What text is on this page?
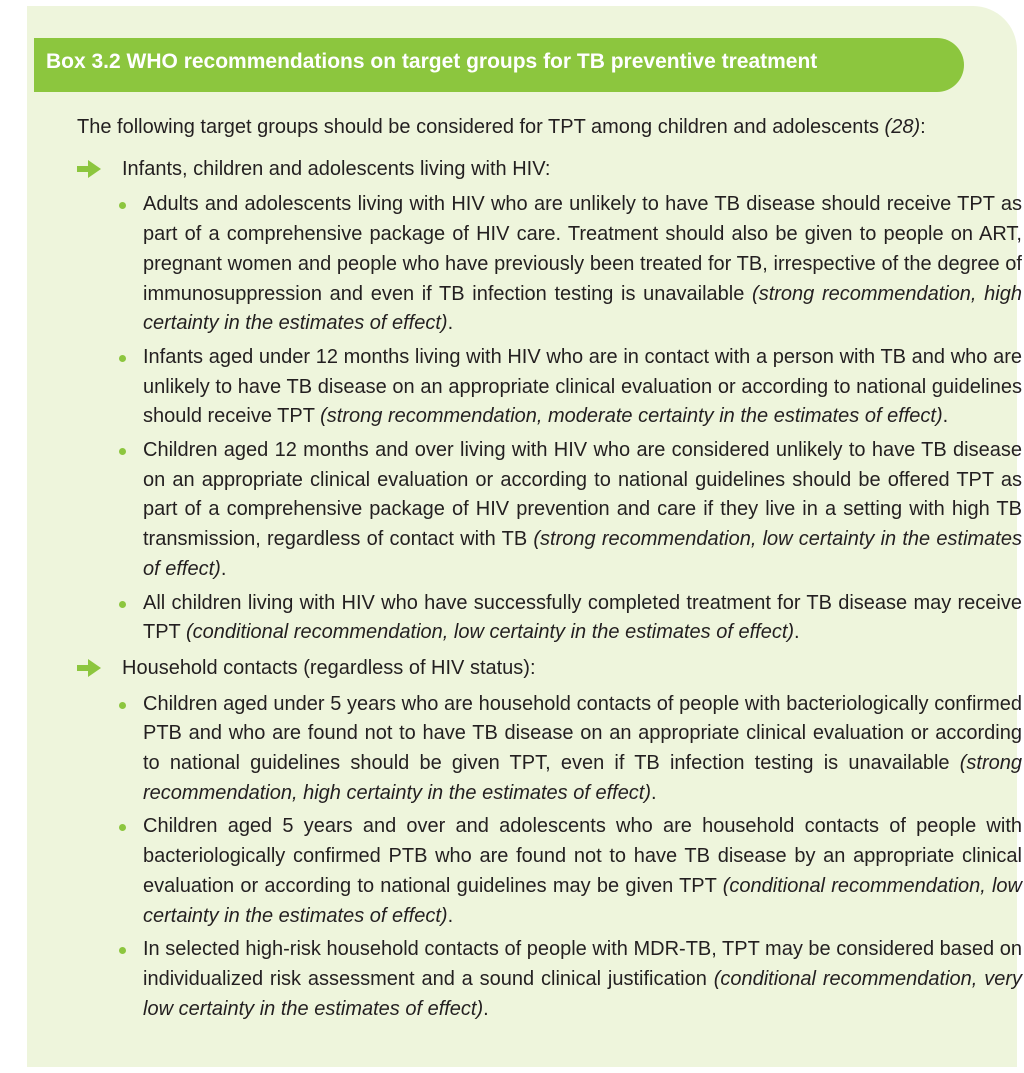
Box 3.2 WHO recommendations on target groups for TB preventive treatment

The following target groups should be considered for TPT among children and adolescents (28):

Infants, children and adolescents living with HIV:
Adults and adolescents living with HIV who are unlikely to have TB disease should receive TPT as part of a comprehensive package of HIV care. Treatment should also be given to people on ART, pregnant women and people who have previously been treated for TB, irrespective of the degree of immunosuppression and even if TB infection testing is unavailable (strong recommendation, high certainty in the estimates of effect).
Infants aged under 12 months living with HIV who are in contact with a person with TB and who are unlikely to have TB disease on an appropriate clinical evaluation or according to national guidelines should receive TPT (strong recommendation, moderate certainty in the estimates of effect).
Children aged 12 months and over living with HIV who are considered unlikely to have TB disease on an appropriate clinical evaluation or according to national guidelines should be offered TPT as part of a comprehensive package of HIV prevention and care if they live in a setting with high TB transmission, regardless of contact with TB (strong recommendation, low certainty in the estimates of effect).
All children living with HIV who have successfully completed treatment for TB disease may receive TPT (conditional recommendation, low certainty in the estimates of effect).
Household contacts (regardless of HIV status):
Children aged under 5 years who are household contacts of people with bacteriologically confirmed PTB and who are found not to have TB disease on an appropriate clinical evaluation or according to national guidelines should be given TPT, even if TB infection testing is unavailable (strong recommendation, high certainty in the estimates of effect).
Children aged 5 years and over and adolescents who are household contacts of people with bacteriologically confirmed PTB who are found not to have TB disease by an appropriate clinical evaluation or according to national guidelines may be given TPT (conditional recommendation, low certainty in the estimates of effect).
In selected high-risk household contacts of people with MDR-TB, TPT may be considered based on individualized risk assessment and a sound clinical justification (conditional recommendation, very low certainty in the estimates of effect).
